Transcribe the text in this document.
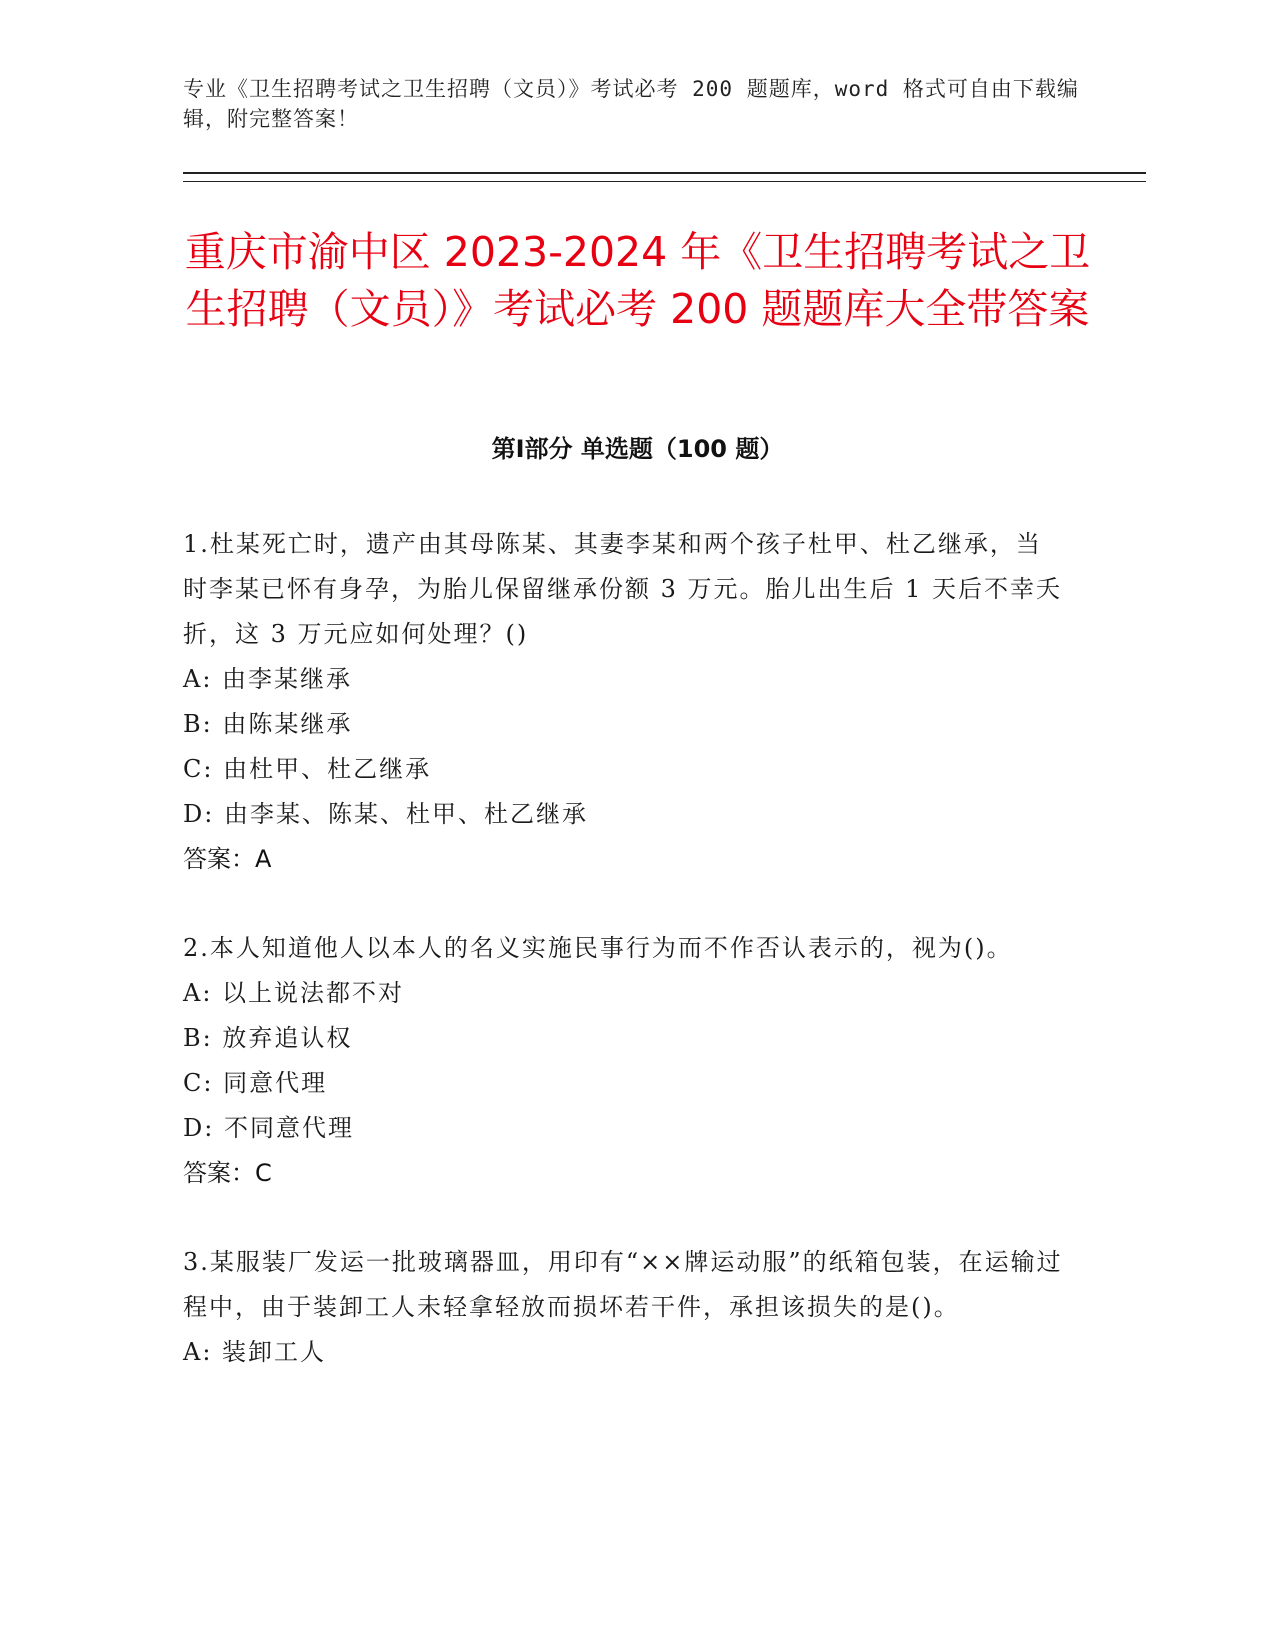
专业《卫生招聘考试之卫生招聘（文员）》考试必考 200 题题库，word 格式可自由下载编辑，附完整答案！
重庆市渝中区 2023-2024 年《卫生招聘考试之卫生招聘（文员）》考试必考 200 题题库大全带答案
第Ⅰ部分 单选题（100 题）

1.杜某死亡时，遗产由其母陈某、其妻李某和两个孩子杜甲、杜乙继承，当时李某已怀有身孕，为胎儿保留继承份额 3 万元。胎儿出生后 1 天后不幸夭折，这 3 万元应如何处理？()

A: 由李某继承

B: 由陈某继承

C: 由杜甲、杜乙继承

D: 由李某、陈某、杜甲、杜乙继承

答案：A

2.本人知道他人以本人的名义实施民事行为而不作否认表示的，视为()。

A: 以上说法都不对

B: 放弃追认权

C: 同意代理

D: 不同意代理

答案：C

3.某服装厂发运一批玻璃器皿，用印有“××牌运动服”的纸箱包装，在运输过程中，由于装卸工人未轻拿轻放而损坏若干件，承担该损失的是()。

A: 装卸工人
